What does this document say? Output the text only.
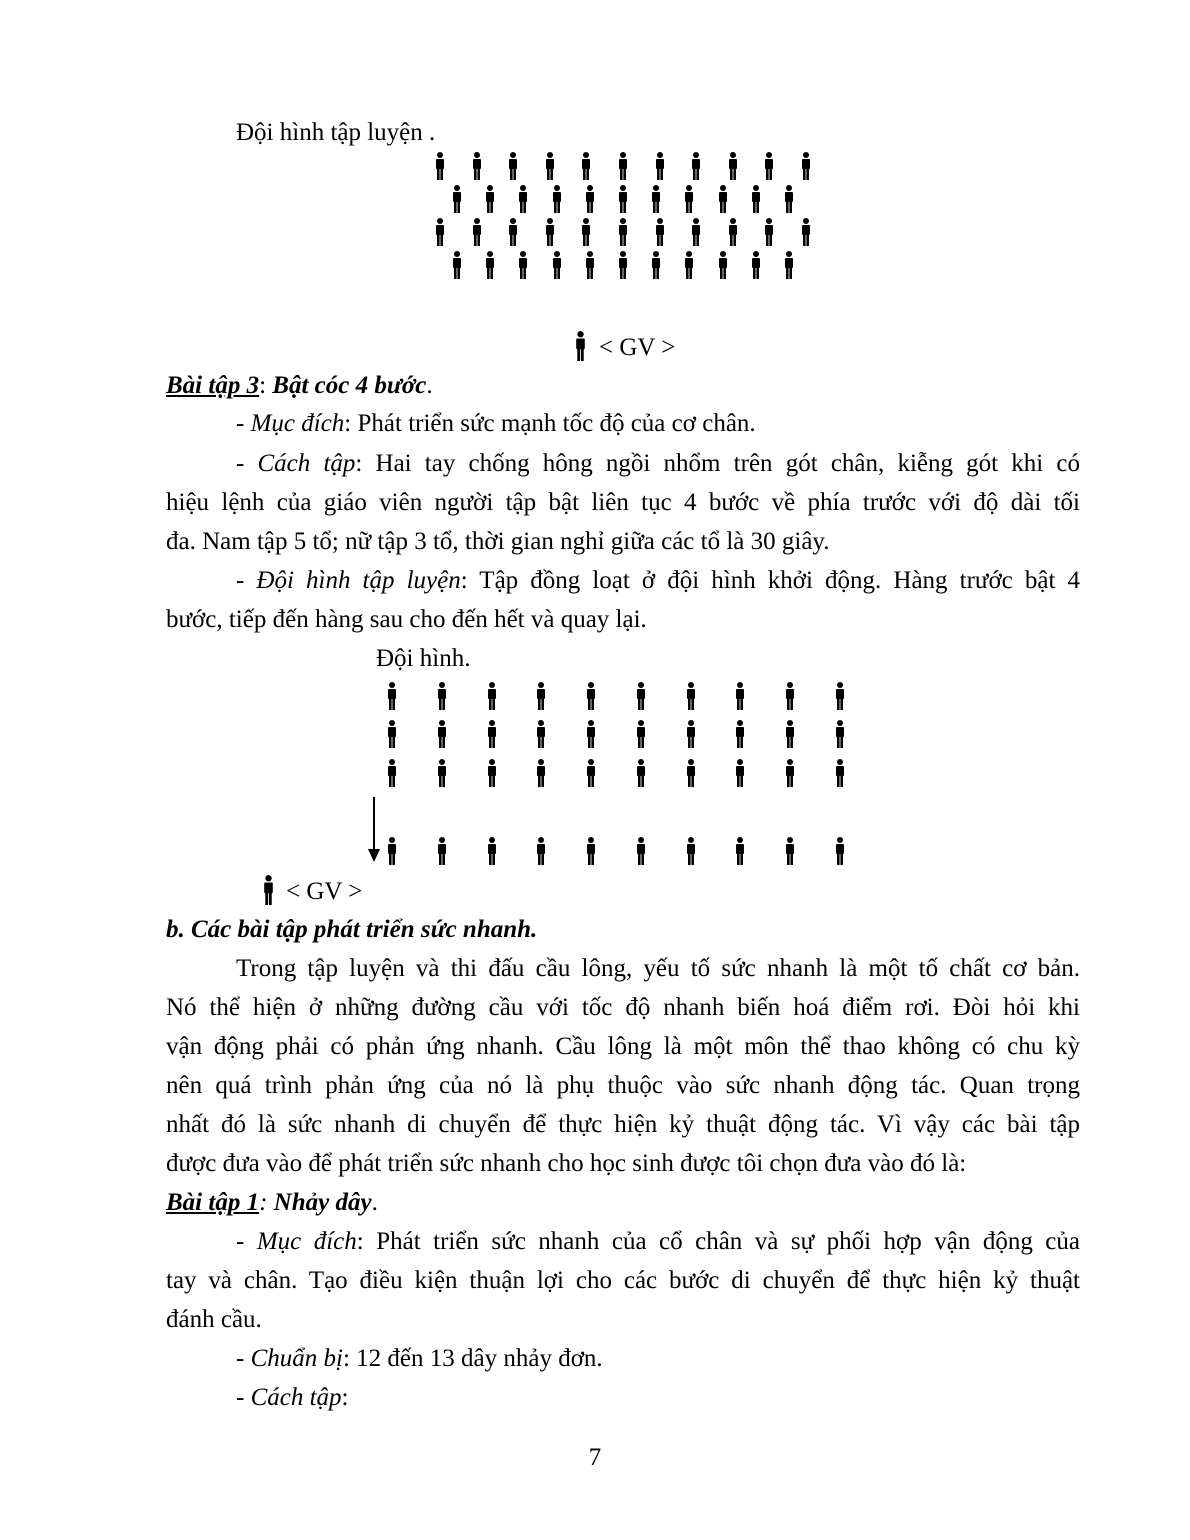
Đội hình tập luyện .
< GV >
Bài tập 3: Bật cóc 4 bước.
- Mục đích: Phát triển sức mạnh tốc độ của cơ chân.
- Cách tập: Hai tay chống hông ngồi nhổm trên gót chân, kiễng gót khi có
hiệu lệnh của giáo viên người tập bật liên tục 4 bước về phía trước với độ dài tối
đa. Nam tập 5 tổ; nữ tập 3 tổ, thời gian nghỉ giữa các tổ là 30 giây.
- Đội hình tập luyện: Tập đồng loạt ở đội hình khởi động. Hàng trước bật 4
bước, tiếp đến hàng sau cho đến hết và quay lại.
Đội hình.
< GV >
b. Các bài tập phát triển sức nhanh.
Trong tập luyện và thi đấu cầu lông, yếu tố sức nhanh là một tố chất cơ bản.
Nó thể hiện ở những đường cầu với tốc độ nhanh biến hoá điểm rơi. Đòi hỏi khi
vận động phải có phản ứng nhanh. Cầu lông là một môn thể thao không có chu kỳ
nên quá trình phản ứng của nó là phụ thuộc vào sức nhanh động tác. Quan trọng
nhất đó là sức nhanh di chuyển để thực hiện kỷ thuật động tác. Vì vậy các bài tập
được đưa vào để phát triển sức nhanh cho học sinh được tôi chọn đưa vào đó là:
Bài tập 1: Nhảy dây.
- Mục đích: Phát triển sức nhanh của cổ chân và sự phối hợp vận động của
tay và chân. Tạo điều kiện thuận lợi cho các bước di chuyển để thực hiện kỷ thuật
đánh cầu.
- Chuẩn bị: 12 đến 13 dây nhảy đơn.
- Cách tập:
7
